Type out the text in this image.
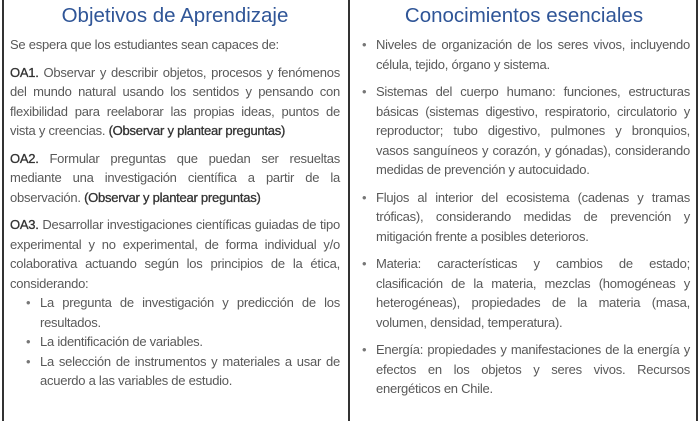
Objetivos de Aprendizaje

Se espera que los estudiantes sean capaces de:

OA1. Observar y describir objetos, procesos y fenómenos del mundo natural usando los sentidos y pensando con flexibilidad para reelaborar las propias ideas, puntos de vista y creencias. (Observar y plantear preguntas)

OA2. Formular preguntas que puedan ser resueltas mediante una investigación científica a partir de la observación. (Observar y plantear preguntas)

OA3. Desarrollar investigaciones científicas guiadas de tipo experimental y no experimental, de forma individual y/o colaborativa actuando según los principios de la ética, considerando:

• La pregunta de investigación y predicción de los resultados.
• La identificación de variables.
• La selección de instrumentos y materiales a usar de acuerdo a las variables de estudio.
Conocimientos esenciales
• Niveles de organización de los seres vivos, incluyendo célula, tejido, órgano y sistema.
• Sistemas del cuerpo humano: funciones, estructuras básicas (sistemas digestivo, respiratorio, circulatorio y reproductor; tubo digestivo, pulmones y bronquios, vasos sanguíneos y corazón, y gónadas), considerando medidas de prevención y autocuidado.
• Flujos al interior del ecosistema (cadenas y tramas tróficas), considerando medidas de prevención y mitigación frente a posibles deterioros.
• Materia: características y cambios de estado; clasificación de la materia, mezclas (homogéneas y heterogéneas), propiedades de la materia (masa, volumen, densidad, temperatura).
• Energía: propiedades y manifestaciones de la energía y efectos en los objetos y seres vivos. Recursos energéticos en Chile.
